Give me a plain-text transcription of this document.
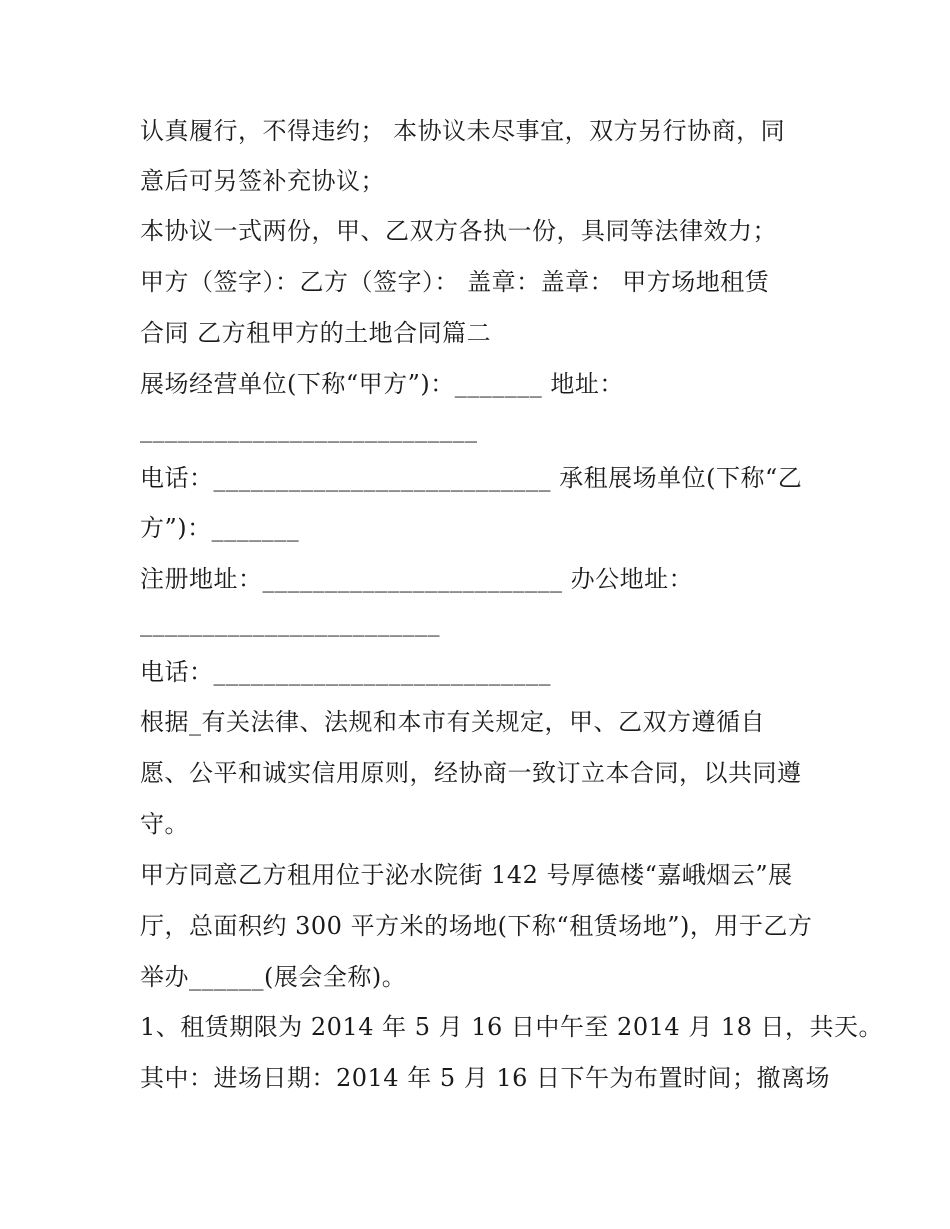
认真履行，不得违约； 本协议未尽事宜，双方另行协商，同
意后可另签补充协议；
本协议一式两份，甲、乙双方各执一份，具同等法律效力；
甲方（签字）：乙方（签字）： 盖章：盖章： 甲方场地租赁
合同 乙方租甲方的土地合同篇二
展场经营单位(下称“甲方”)：_______ 地址：
___________________________
电话：___________________________ 承租展场单位(下称“乙
方”)：_______
注册地址：________________________ 办公地址：
________________________
电话：___________________________
根据_有关法律、法规和本市有关规定，甲、乙双方遵循自
愿、公平和诚实信用原则，经协商一致订立本合同，以共同遵
守。
甲方同意乙方租用位于泌水院街 142 号厚德楼“嘉峨烟云”展
厅，总面积约 300 平方米的场地(下称“租赁场地”)，用于乙方
举办______(展会全称)。
1、租赁期限为 2014 年 5 月 16 日中午至 2014 月 18 日，共天。
其中：进场日期：2014 年 5 月 16 日下午为布置时间；撤离场
